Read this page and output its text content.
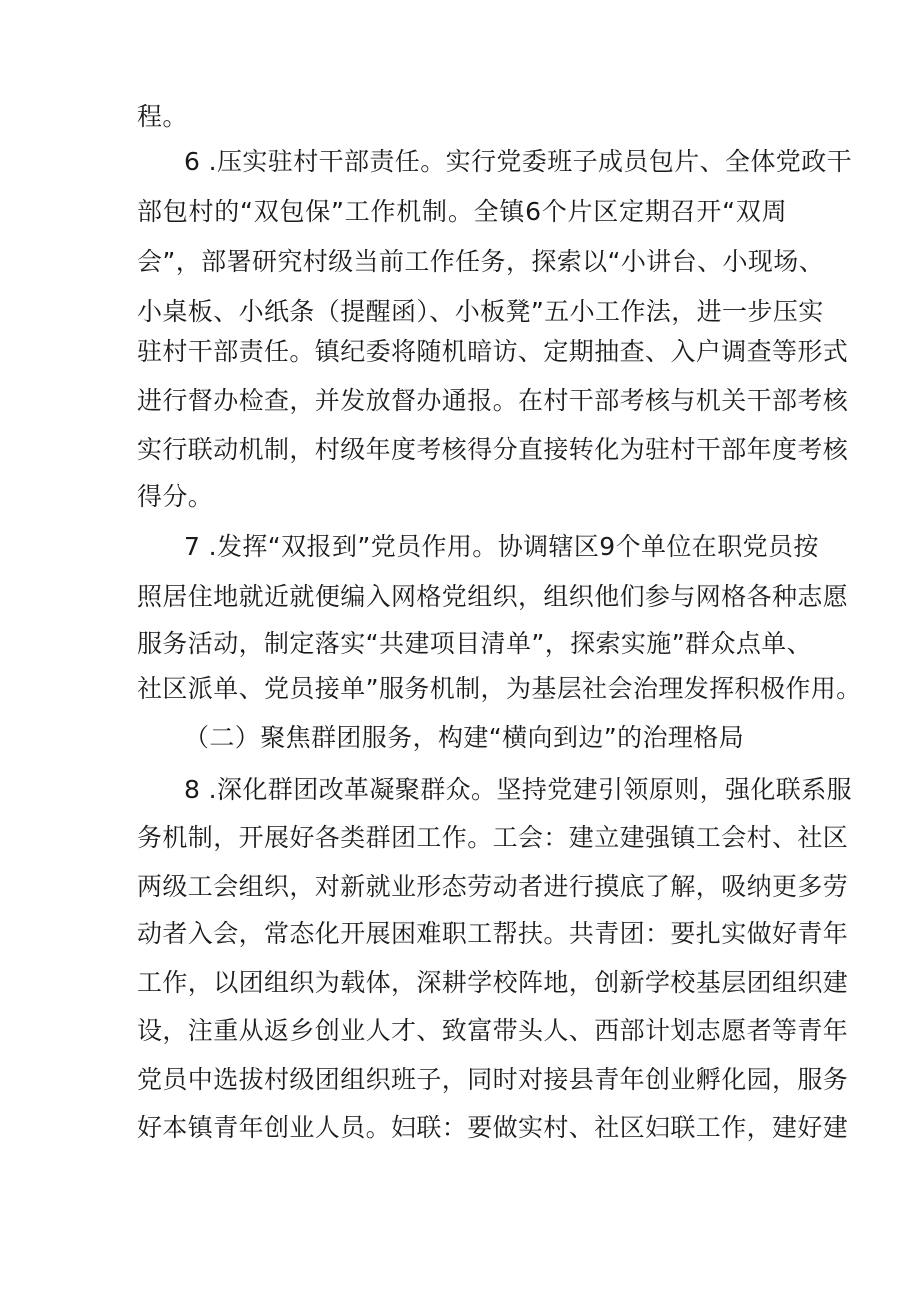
程。
6 .压实驻村干部责任。实行党委班子成员包片、全体党政干
部包村的“双包保”工作机制。全镇6个片区定期召开“双周
会”，部署研究村级当前工作任务，探索以“小讲台、小现场、
小桌板、小纸条（提醒函）、小板凳”五小工作法，进一步压实
驻村干部责任。镇纪委将随机暗访、定期抽查、入户调查等形式
进行督办检查，并发放督办通报。在村干部考核与机关干部考核
实行联动机制，村级年度考核得分直接转化为驻村干部年度考核
得分。
7 .发挥“双报到”党员作用。协调辖区9个单位在职党员按
照居住地就近就便编入网格党组织，组织他们参与网格各种志愿
服务活动，制定落实“共建项目清单”，探索实施”群众点单、
社区派单、党员接单”服务机制，为基层社会治理发挥积极作用。
（二）聚焦群团服务，构建“横向到边”的治理格局
8 .深化群团改革凝聚群众。坚持党建引领原则，强化联系服
务机制，开展好各类群团工作。工会：建立建强镇工会村、社区
两级工会组织，对新就业形态劳动者进行摸底了解，吸纳更多劳
动者入会，常态化开展困难职工帮扶。共青团：要扎实做好青年
工作，以团组织为载体，深耕学校阵地，创新学校基层团组织建
设，注重从返乡创业人才、致富带头人、西部计划志愿者等青年
党员中选拔村级团组织班子，同时对接县青年创业孵化园，服务
好本镇青年创业人员。妇联：要做实村、社区妇联工作，建好建
